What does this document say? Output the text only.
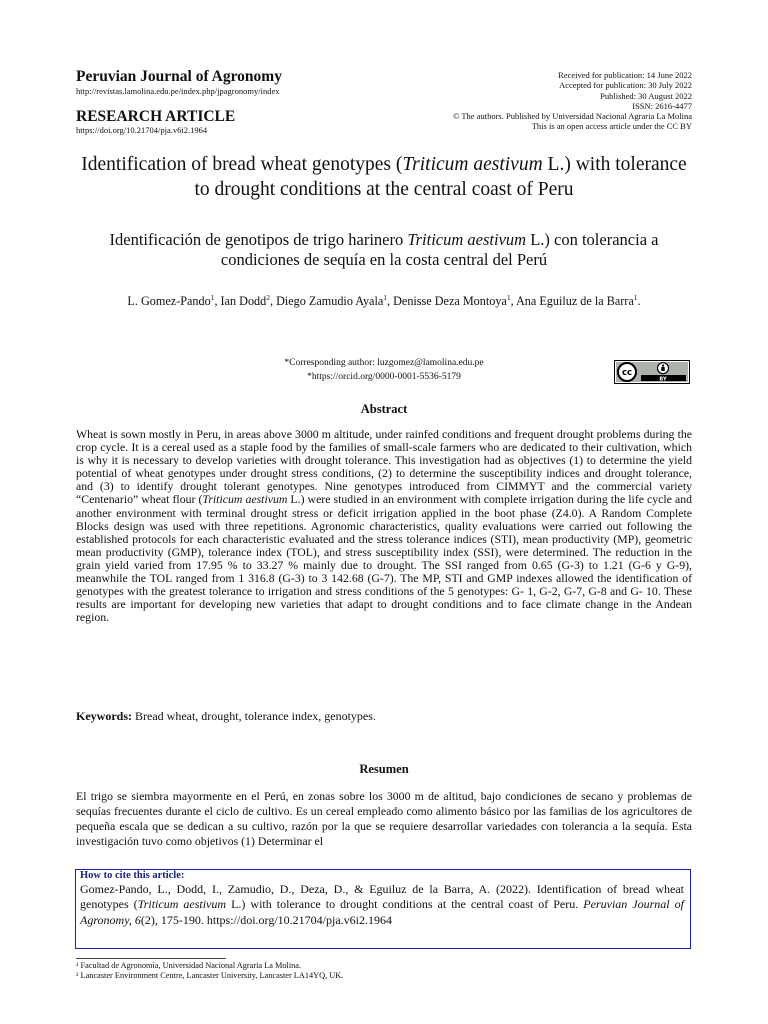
Peruvian Journal of Agronomy
http://revistas.lamolina.edu.pe/index.php/jpagronomy/index
RESEARCH ARTICLE
https://doi.org/10.21704/pja.v6i2.1964
Received for publication: 14 June 2022
Accepted for publication: 30 July 2022
Published: 30 August 2022
ISSN: 2616-4477
© The authors. Published by Universidad Nacional Agraria La Molina
This is an open access article under the CC BY
Identification of bread wheat genotypes (Triticum aestivum L.) with tolerance to drought conditions at the central coast of Peru
Identificación de genotipos de trigo harinero Triticum aestivum L.) con tolerancia a condiciones de sequía en la costa central del Perú
L. Gomez-Pando$^1$, Ian Dodd$^2$, Diego Zamudio Ayala$^1$, Denisse Deza Montoya$^1$, Ana Eguiluz de la Barra$^1$.
*Corresponding author: luzgomez@lamolina.edu.pe
*https://orcid.org/0000-0001-5536-5179	cc
BY
Abstract
Wheat is sown mostly in Peru, in areas above 3000 m altitude, under rainfed conditions and frequent drought problems during the crop cycle. It is a cereal used as a staple food by the families of small-scale farmers who are dedicated to their cultivation, which is why it is necessary to develop varieties with drought tolerance. This investigation had as objectives (1) to determine the yield potential of wheat genotypes under drought stress conditions, (2) to determine the susceptibility indices and drought tolerance, and (3) to identify drought tolerant genotypes. Nine genotypes introduced from CIMMYT and the commercial variety “Centenario” wheat flour (Triticum aestivum L.) were studied in an environment with complete irrigation during the life cycle and another environment with terminal drought stress or deficit irrigation applied in the boot phase (Z4.0). A Random Complete Blocks design was used with three repetitions. Agronomic characteristics, quality evaluations were carried out following the established protocols for each characteristic evaluated and the stress tolerance indices (STI), mean productivity (MP), geometric mean productivity (GMP), tolerance index (TOL), and stress susceptibility index (SSI), were determined. The reduction in the grain yield varied from 17.95 % to 33.27 % mainly due to drought. The SSI ranged from 0.65 (G-3) to 1.21 (G-6 y G-9), meanwhile the TOL ranged from 1 316.8 (G-3) to 3 142.68 (G-7). The MP, STI and GMP indexes allowed the identification of genotypes with the greatest tolerance to irrigation and stress conditions of the 5 genotypes: G- 1, G-2, G-7, G-8 and G- 10. These results are important for developing new varieties that adapt to drought conditions and to face climate change in the Andean region.
Keywords: Bread wheat, drought, tolerance index, genotypes.
Resumen
El trigo se siembra mayormente en el Perú, en zonas sobre los 3000 m de altitud, bajo condiciones de secano y problemas de sequías frecuentes durante el ciclo de cultivo. Es un cereal empleado como alimento básico por las familias de los agricultores de pequeña escala que se dedican a su cultivo, razón por la que se requiere desarrollar variedades con tolerancia a la sequía. Esta investigación tuvo como objetivos (1) Determinar el
How to cite this article:
Gomez-Pando, L., Dodd, I., Zamudio, D., Deza, D., & Eguiluz de la Barra, A. (2022). Identification of bread wheat genotypes (Triticum aestivum L.) with tolerance to drought conditions at the central coast of Peru. Peruvian Journal of Agronomy, 6(2), 175-190. https://doi.org/10.21704/pja.v6i2.1964
¹ Facultad de Agronomía, Universidad Nacional Agraria La Molina.
² Lancaster Environment Centre, Lancaster University, Lancaster LA14YQ, UK.
